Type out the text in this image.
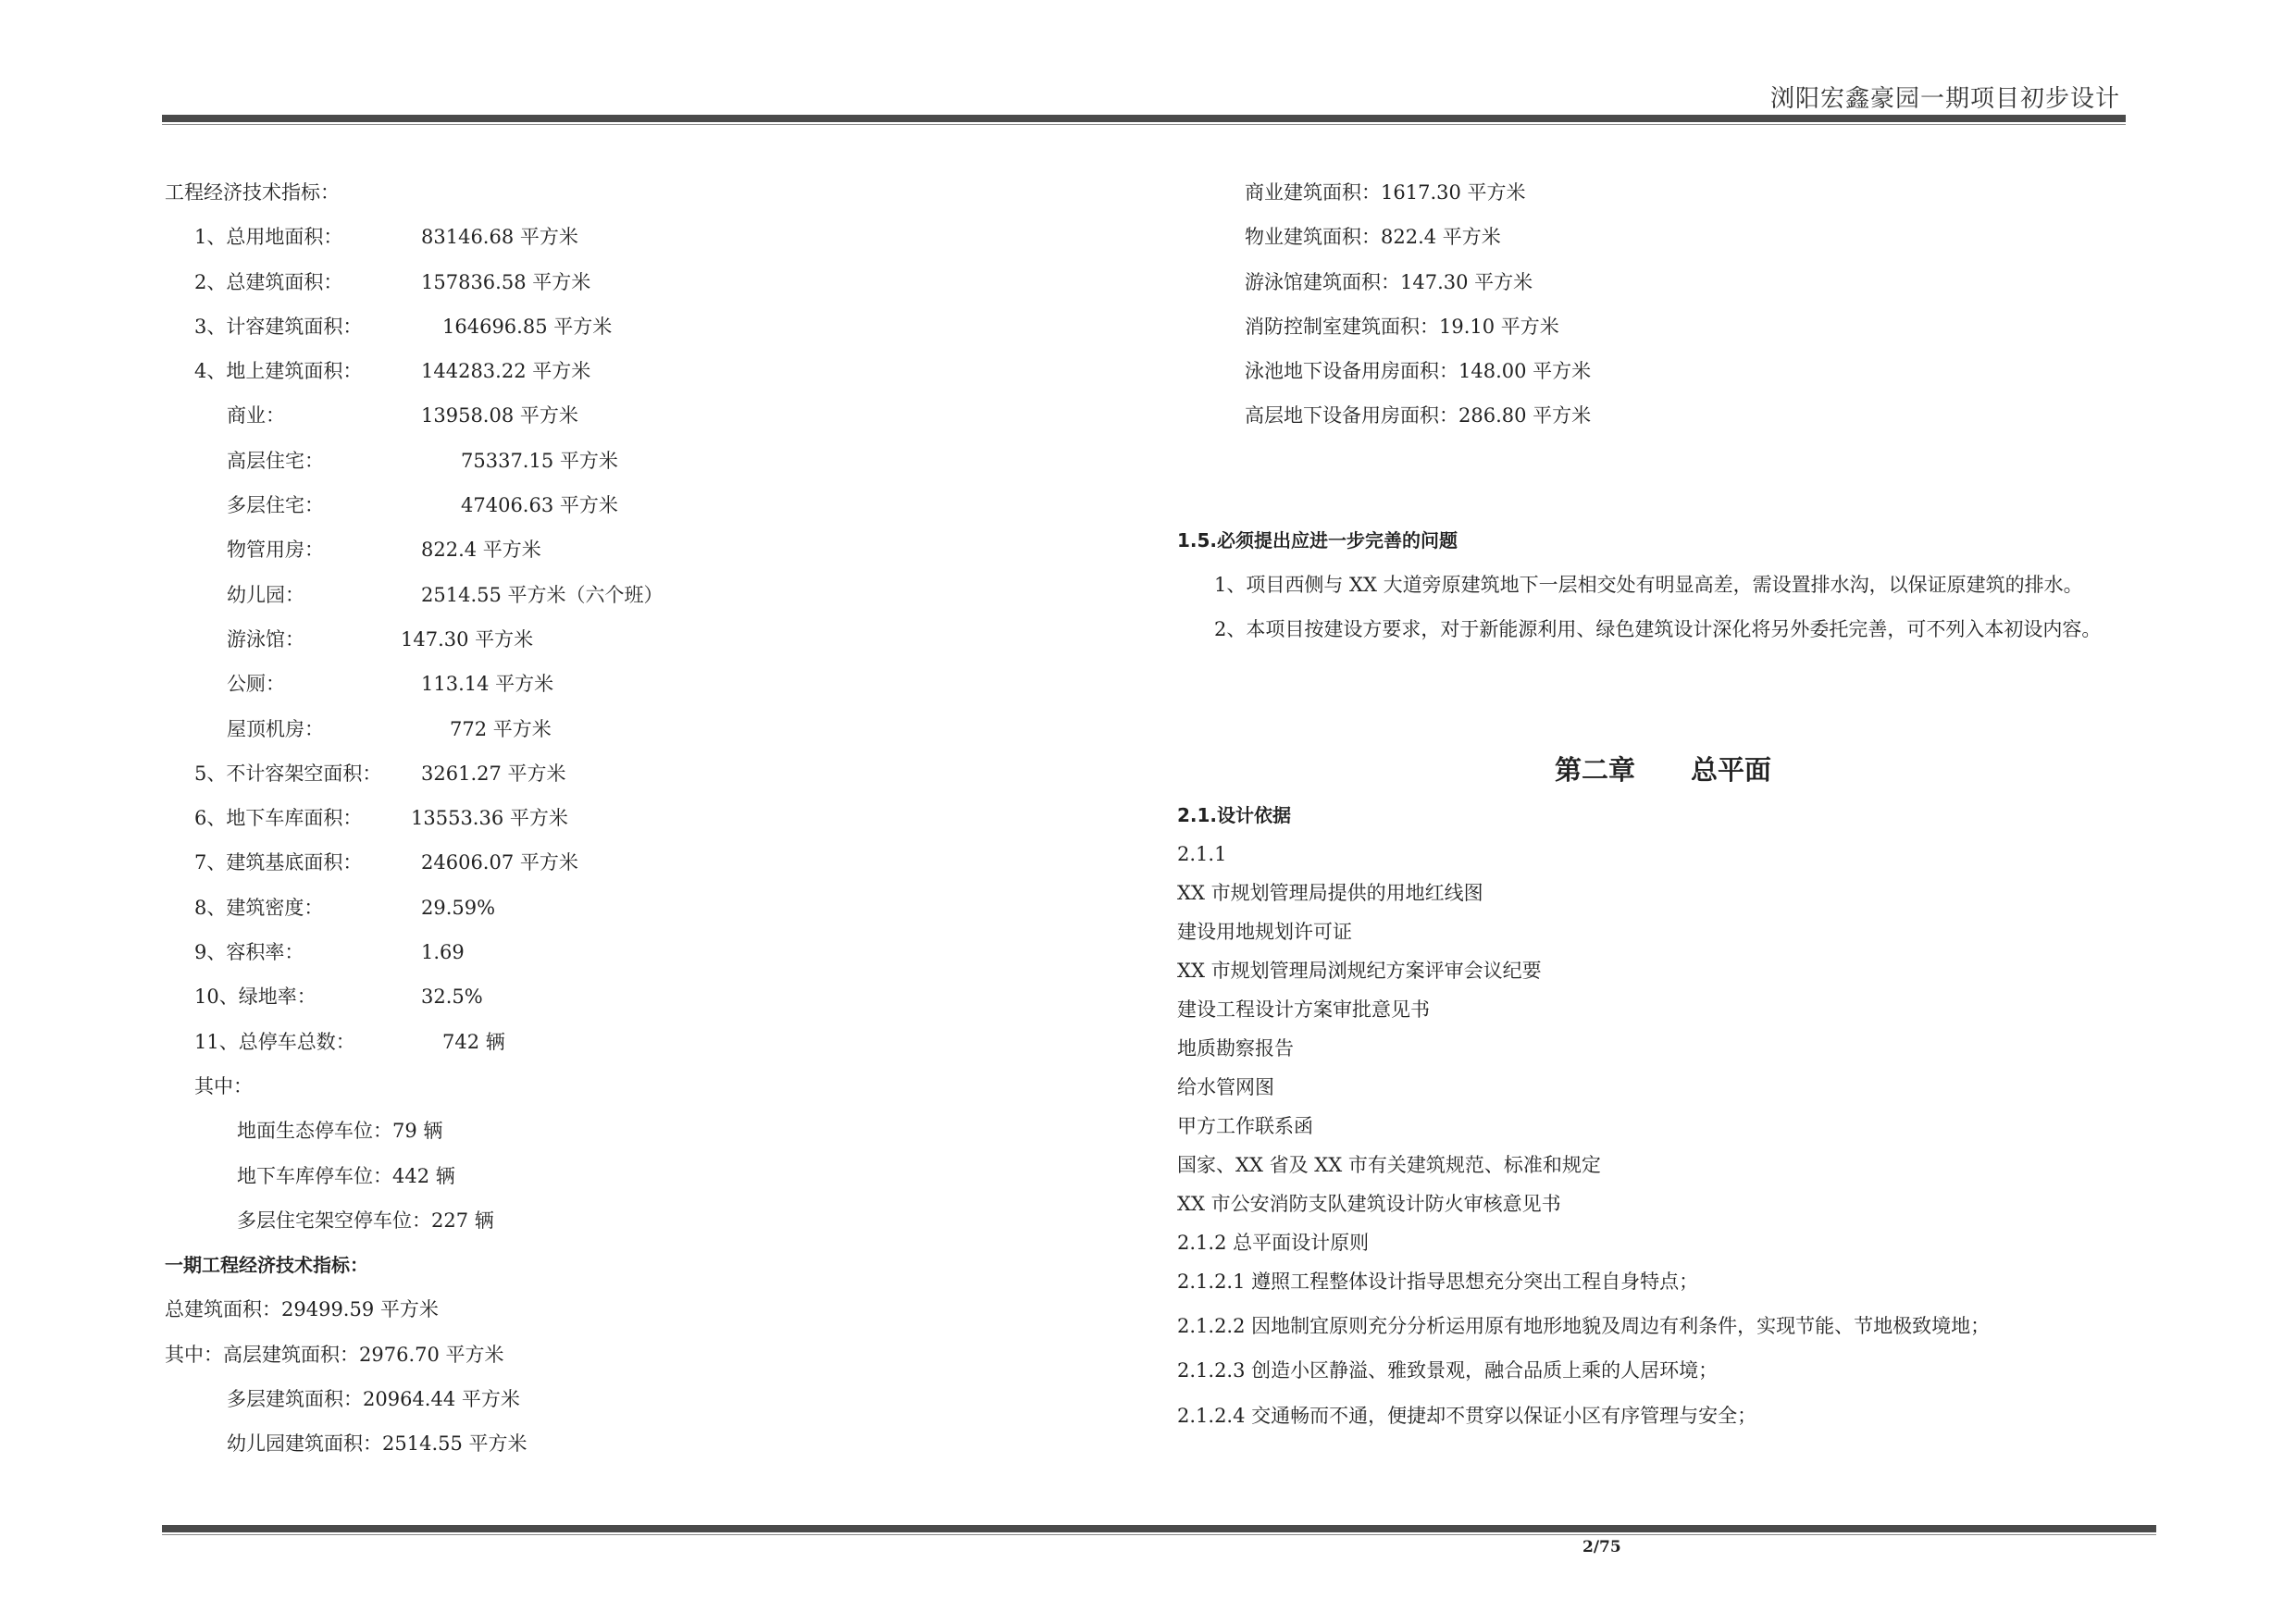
浏阳宏鑫豪园一期项目初步设计
工程经济技术指标：
1、总用地面积：	83146.68 平方米
2、总建筑面积：	157836.58 平方米
3、计容建筑面积：	164696.85 平方米
4、地上建筑面积：	144283.22 平方米
商业：	13958.08 平方米
高层住宅：	75337.15 平方米
多层住宅：	47406.63 平方米
物管用房：	822.4 平方米
幼儿园：	2514.55 平方米（六个班）
游泳馆：	147.30 平方米
公厕：	113.14 平方米
屋顶机房：	772 平方米
5、不计容架空面积： 3261.27 平方米
6、地下车库面积：	13553.36 平方米
7、建筑基底面积：	24606.07 平方米
8、建筑密度：	29.59%
9、容积率：	1.69
10、绿地率：	32.5%
11、总停车总数：	742 辆
其中：
地面生态停车位：79 辆
地下车库停车位：442 辆
多层住宅架空停车位：227 辆
一期工程经济技术指标：
总建筑面积：29499.59 平方米
其中：高层建筑面积：2976.70 平方米
多层建筑面积：20964.44 平方米
幼儿园建筑面积：2514.55 平方米
商业建筑面积：1617.30 平方米
物业建筑面积：822.4 平方米
游泳馆建筑面积：147.30 平方米
消防控制室建筑面积：19.10 平方米
泳池地下设备用房面积：148.00 平方米
高层地下设备用房面积：286.80 平方米
1.5.必须提出应进一步完善的问题
1、项目西侧与 XX 大道旁原建筑地下一层相交处有明显高差，需设置排水沟，以保证原建筑的排水。
2、本项目按建设方要求，对于新能源利用、绿色建筑设计深化将另外委托完善，可不列入本初设内容。
第二章 总平面
2.1.设计依据
2.1.1
XX 市规划管理局提供的用地红线图
建设用地规划许可证
XX 市规划管理局浏规纪方案评审会议纪要
建设工程设计方案审批意见书
地质勘察报告
给水管网图
甲方工作联系函
国家、XX 省及 XX 市有关建筑规范、标准和规定
XX 市公安消防支队建筑设计防火审核意见书
2.1.2 总平面设计原则
2.1.2.1 遵照工程整体设计指导思想充分突出工程自身特点；
2.1.2.2 因地制宜原则充分分析运用原有地形地貌及周边有利条件，实现节能、节地极致境地；
2.1.2.3 创造小区静溢、雅致景观，融合品质上乘的人居环境；
2.1.2.4 交通畅而不通，便捷却不贯穿以保证小区有序管理与安全；
2/75
